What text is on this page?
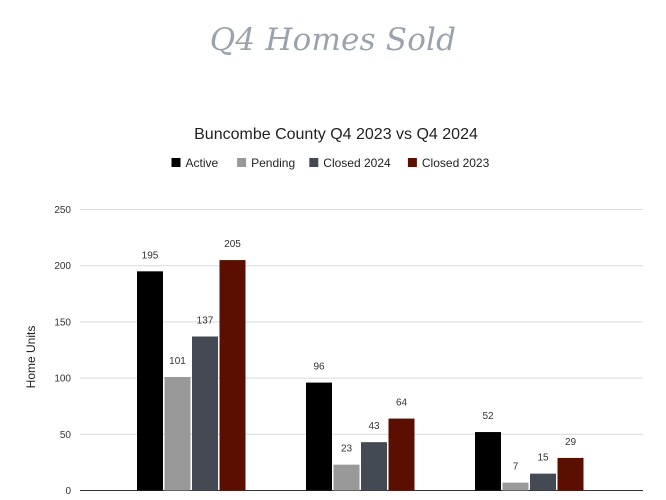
Q4 Homes Sold
Buncombe County Q4 2023 vs Q4 2024
Active	Pending Closed 2024	Closed 2023
0
50
100
150
200
250
Home Units
195
96
52
101
23
7
137
43
15
205
64
29
